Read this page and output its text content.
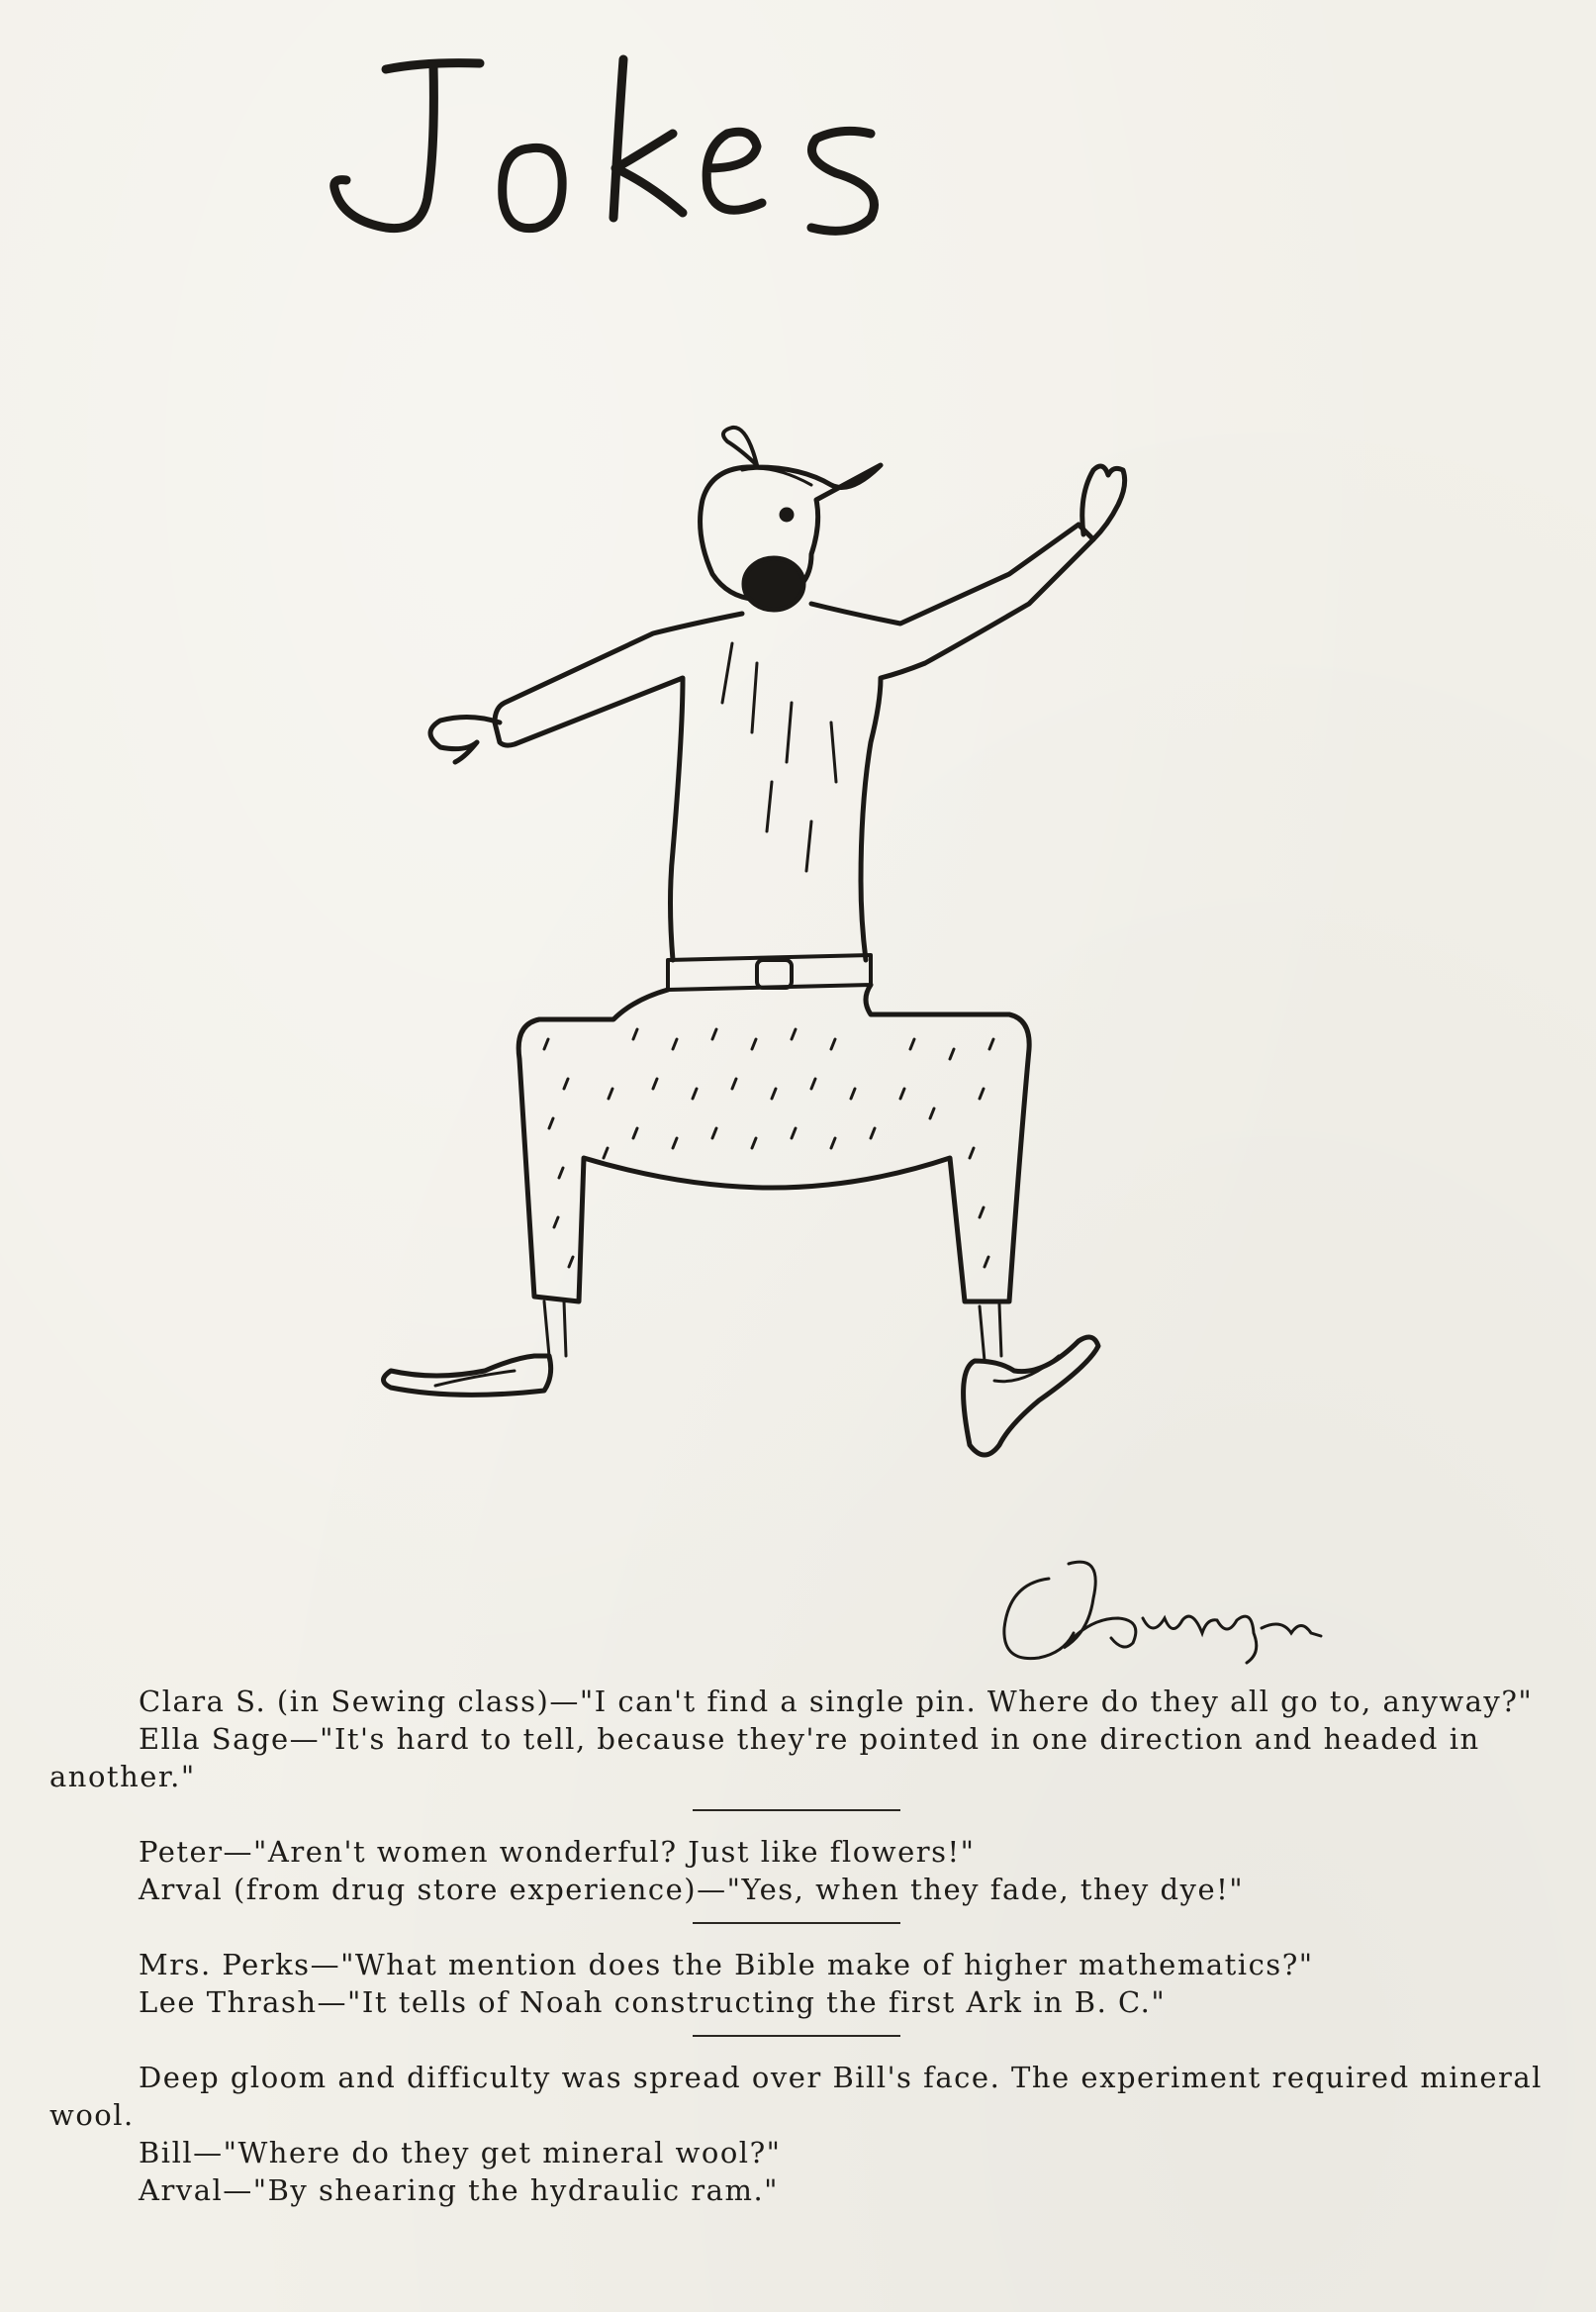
Clara S. (in Sewing class)—"I can't find a single pin. Where do they all go to, anyway?"

Ella Sage—"It's hard to tell, because they're pointed in one direction and headed in another."

Peter—"Aren't women wonderful? Just like flowers!"

Arval (from drug store experience)—"Yes, when they fade, they dye!"

Mrs. Perks—"What mention does the Bible make of higher mathematics?"

Lee Thrash—"It tells of Noah constructing the first Ark in B. C."

Deep gloom and difficulty was spread over Bill's face. The experiment required mineral wool.

Bill—"Where do they get mineral wool?"

Arval—"By shearing the hydraulic ram."
